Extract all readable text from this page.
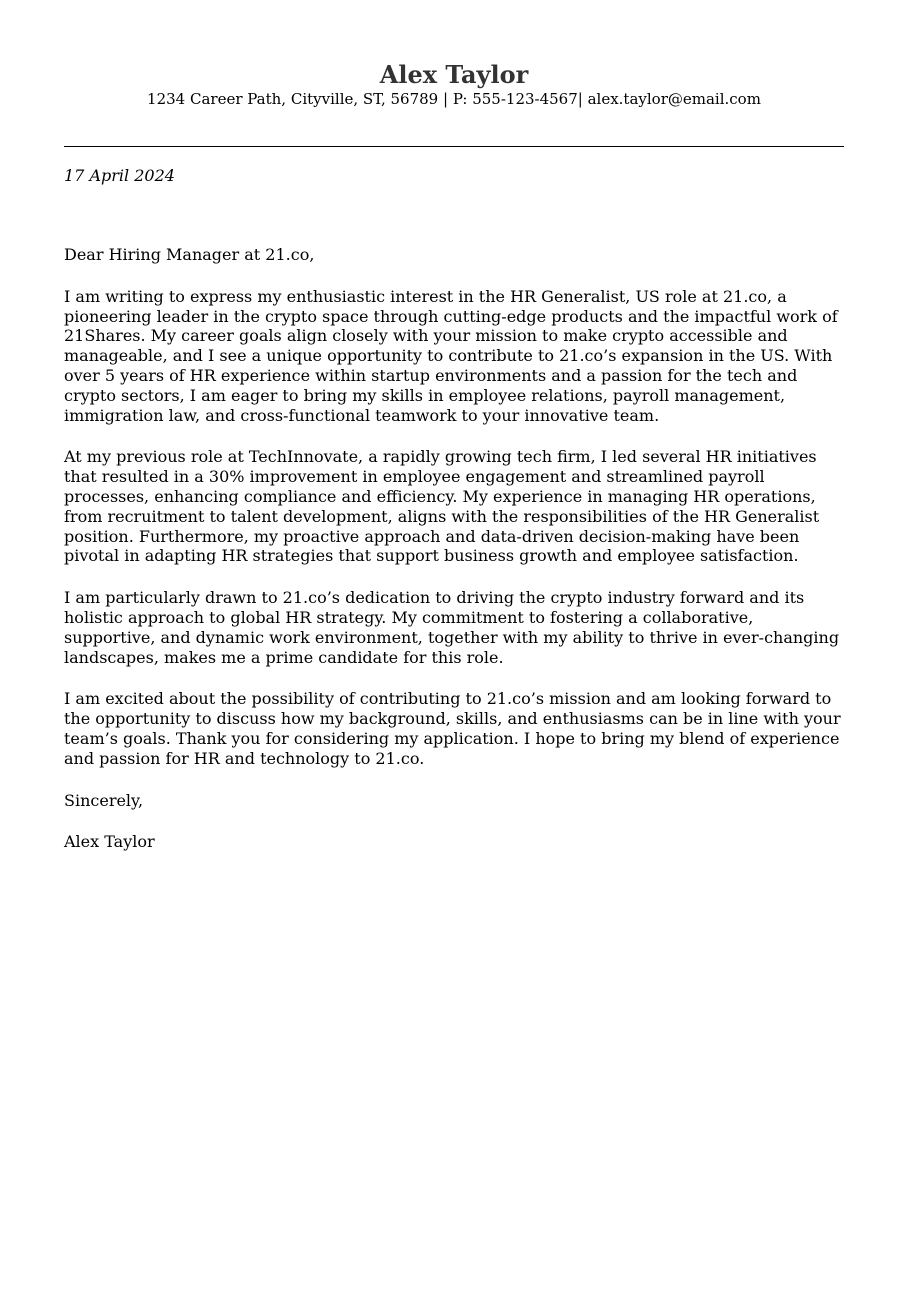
Alex Taylor
1234 Career Path, Cityville, ST, 56789 | P: 555-123-4567| alex.taylor@email.com
17 April 2024

Dear Hiring Manager at 21.co,

I am writing to express my enthusiastic interest in the HR Generalist, US role at 21.co, a pioneering leader in the crypto space through cutting-edge products and the impactful work of 21Shares. My career goals align closely with your mission to make crypto accessible and manageable, and I see a unique opportunity to contribute to 21.co’s expansion in the US. With over 5 years of HR experience within startup environments and a passion for the tech and crypto sectors, I am eager to bring my skills in employee relations, payroll management, immigration law, and cross-functional teamwork to your innovative team.

At my previous role at TechInnovate, a rapidly growing tech firm, I led several HR initiatives that resulted in a 30% improvement in employee engagement and streamlined payroll processes, enhancing compliance and efficiency. My experience in managing HR operations, from recruitment to talent development, aligns with the responsibilities of the HR Generalist position. Furthermore, my proactive approach and data-driven decision-making have been pivotal in adapting HR strategies that support business growth and employee satisfaction.

I am particularly drawn to 21.co’s dedication to driving the crypto industry forward and its holistic approach to global HR strategy. My commitment to fostering a collaborative, supportive, and dynamic work environment, together with my ability to thrive in ever-changing landscapes, makes me a prime candidate for this role.

I am excited about the possibility of contributing to 21.co’s mission and am looking forward to the opportunity to discuss how my background, skills, and enthusiasms can be in line with your team’s goals. Thank you for considering my application. I hope to bring my blend of experience and passion for HR and technology to 21.co.

Sincerely,

Alex Taylor
